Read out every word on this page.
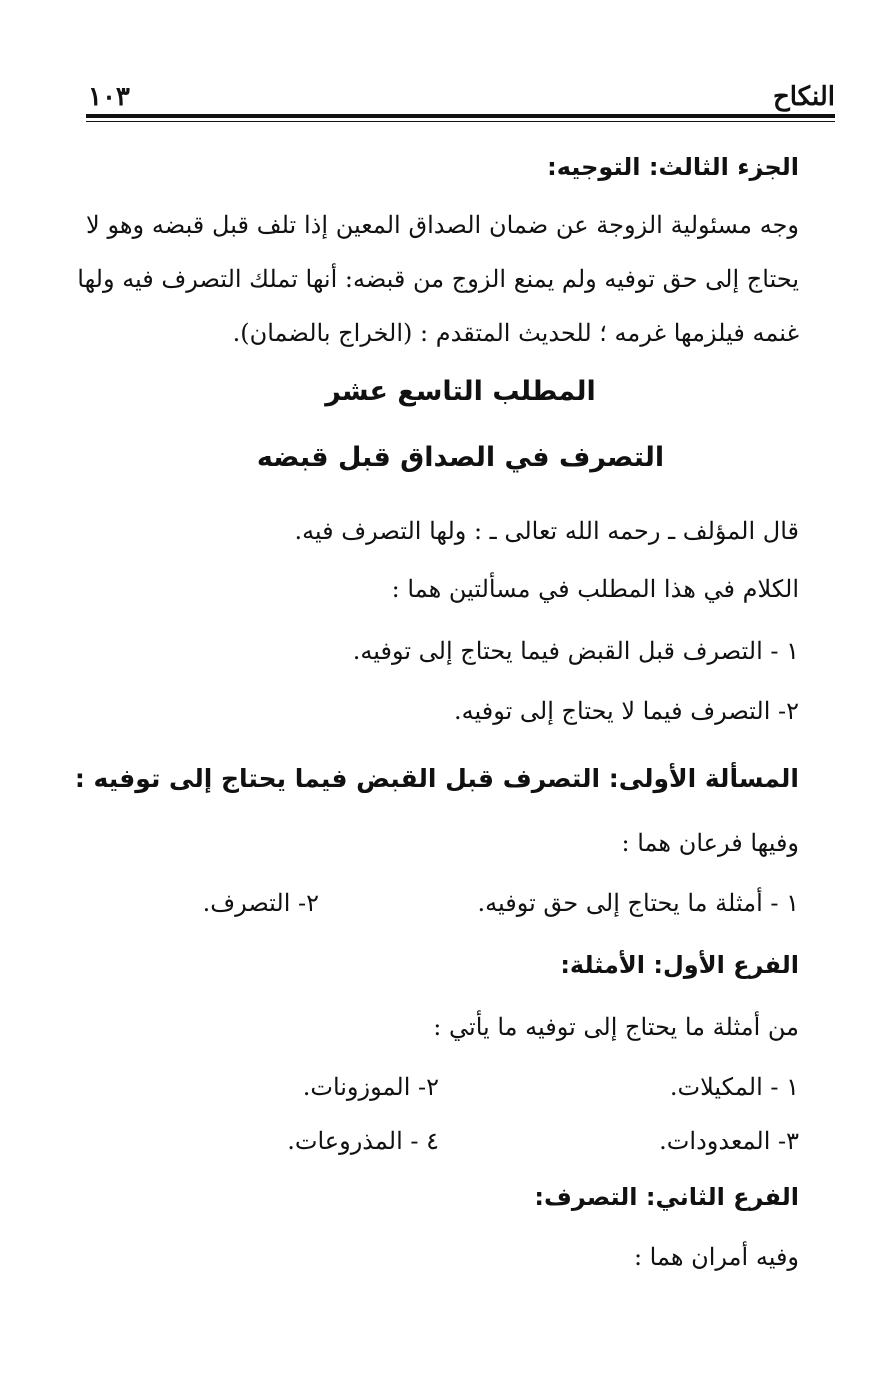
النكاح
١٠٣
الجزء الثالث: التوجيه:
وجه مسئولية الزوجة عن ضمان الصداق المعين إذا تلف قبل قبضه وهو لا
يحتاج إلى حق توفيه ولم يمنع الزوج من قبضه: أنها تملك التصرف فيه ولها
غنمه فيلزمها غرمه ؛ للحديث المتقدم : (الخراج بالضمان).
المطلب التاسع عشر
التصرف في الصداق قبل قبضه
قال المؤلف ـ رحمه الله تعالى ـ : ولها التصرف فيه.
الكلام في هذا المطلب في مسألتين هما :
١ - التصرف قبل القبض فيما يحتاج إلى توفيه.
٢- التصرف فيما لا يحتاج إلى توفيه.
المسألة الأولى: التصرف قبل القبض فيما يحتاج إلى توفيه :
وفيها فرعان هما :
١ - أمثلة ما يحتاج إلى حق توفيه.
٢- التصرف.
الفرع الأول: الأمثلة:
من أمثلة ما يحتاج إلى توفيه ما يأتي :
١ - المكيلات.
٢- الموزونات.
٣- المعدودات.
٤ - المذروعات.
الفرع الثاني: التصرف:
وفيه أمران هما :
